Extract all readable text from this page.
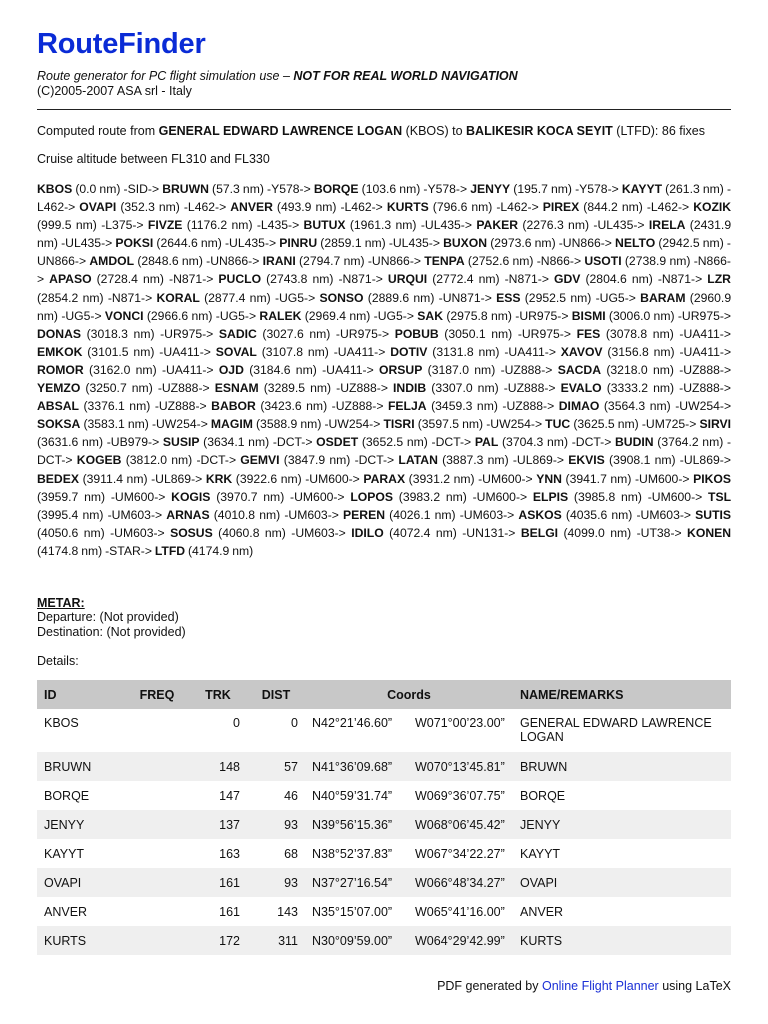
RouteFinder
Route generator for PC flight simulation use – NOT FOR REAL WORLD NAVIGATION
(C)2005-2007 ASA srl - Italy
Computed route from GENERAL EDWARD LAWRENCE LOGAN (KBOS) to BALIKESIR KOCA SEYIT (LTFD): 86 fixes
Cruise altitude between FL310 and FL330
KBOS (0.0 nm) -SID-> BRUWN (57.3 nm) -Y578-> BORQE (103.6 nm) -Y578-> JENYY (195.7 nm) -Y578-> KAYYT (261.3 nm) -L462-> OVAPI (352.3 nm) -L462-> ANVER (493.9 nm) -L462-> KURTS (796.6 nm) -L462-> PIREX (844.2 nm) -L462-> KOZIK (999.5 nm) -L375-> FIVZE (1176.2 nm) -L435-> BUTUX (1961.3 nm) -UL435-> PAKER (2276.3 nm) -UL435-> IRELA (2431.9 nm) -UL435-> POKSI (2644.6 nm) -UL435-> PINRU (2859.1 nm) -UL435-> BUXON (2973.6 nm) -UN866-> NELTO (2942.5 nm) -UN866-> AMDOL (2848.6 nm) -UN866-> IRANI (2794.7 nm) -UN866-> TENPA (2752.6 nm) -N866-> USOTI (2738.9 nm) -N866-> APASO (2728.4 nm) -N871-> PUCLO (2743.8 nm) -N871-> URQUI (2772.4 nm) -N871-> GDV (2804.6 nm) -N871-> LZR (2854.2 nm) -N871-> KORAL (2877.4 nm) -UG5-> SONSO (2889.6 nm) -UN871-> ESS (2952.5 nm) -UG5-> BARAM (2960.9 nm) -UG5-> VONCI (2966.6 nm) -UG5-> RALEK (2969.4 nm) -UG5-> SAK (2975.8 nm) -UR975-> BISMI (3006.0 nm) -UR975-> DONAS (3018.3 nm) -UR975-> SADIC (3027.6 nm) -UR975-> POBUB (3050.1 nm) -UR975-> FES (3078.8 nm) -UA411-> EMKOK (3101.5 nm) -UA411-> SOVAL (3107.8 nm) -UA411-> DOTIV (3131.8 nm) -UA411-> XAVOV (3156.8 nm) -UA411-> ROMOR (3162.0 nm) -UA411-> OJD (3184.6 nm) -UA411-> ORSUP (3187.0 nm) -UZ888-> SACDA (3218.0 nm) -UZ888-> YEMZO (3250.7 nm) -UZ888-> ESNAM (3289.5 nm) -UZ888-> INDIB (3307.0 nm) -UZ888-> EVALO (3333.2 nm) -UZ888-> ABSAL (3376.1 nm) -UZ888-> BABOR (3423.6 nm) -UZ888-> FELJA (3459.3 nm) -UZ888-> DIMAO (3564.3 nm) -UW254-> SOKSA (3583.1 nm) -UW254-> MAGIM (3588.9 nm) -UW254-> TISRI (3597.5 nm) -UW254-> TUC (3625.5 nm) -UM725-> SIRVI (3631.6 nm) -UB979-> SUSIP (3634.1 nm) -DCT-> OSDET (3652.5 nm) -DCT-> PAL (3704.3 nm) -DCT-> BUDIN (3764.2 nm) -DCT-> KOGEB (3812.0 nm) -DCT-> GEMVI (3847.9 nm) -DCT-> LATAN (3887.3 nm) -UL869-> EKVIS (3908.1 nm) -UL869-> BEDEX (3911.4 nm) -UL869-> KRK (3922.6 nm) -UM600-> PARAX (3931.2 nm) -UM600-> YNN (3941.7 nm) -UM600-> PIKOS (3959.7 nm) -UM600-> KOGIS (3970.7 nm) -UM600-> LOPOS (3983.2 nm) -UM600-> ELPIS (3985.8 nm) -UM600-> TSL (3995.4 nm) -UM603-> ARNAS (4010.8 nm) -UM603-> PEREN (4026.1 nm) -UM603-> ASKOS (4035.6 nm) -UM603-> SUTIS (4050.6 nm) -UM603-> SOSUS (4060.8 nm) -UM603-> IDILO (4072.4 nm) -UN131-> BELGI (4099.0 nm) -UT38-> KONEN (4174.8 nm) -STAR-> LTFD (4174.9 nm)
METAR:
Departure: (Not provided)
Destination: (Not provided)
Details:
ID	FREQ	TRK	DIST	Coords		NAME/REMARKS
KBOS		0	0	N42°21’46.60”	W071°00’23.00”	GENERAL EDWARD LAWRENCE LOGAN
BRUWN		148	57	N41°36’09.68”	W070°13’45.81”	BRUWN
BORQE		147	46	N40°59’31.74”	W069°36’07.75”	BORQE
JENYY		137	93	N39°56’15.36”	W068°06’45.42”	JENYY
KAYYT		163	68	N38°52’37.83”	W067°34’22.27”	KAYYT
OVAPI		161	93	N37°27’16.54”	W066°48’34.27”	OVAPI
ANVER		161	143	N35°15’07.00”	W065°41’16.00”	ANVER
KURTS		172	311	N30°09’59.00”	W064°29’42.99”	KURTS
PDF generated by Online Flight Planner using LaTeX
